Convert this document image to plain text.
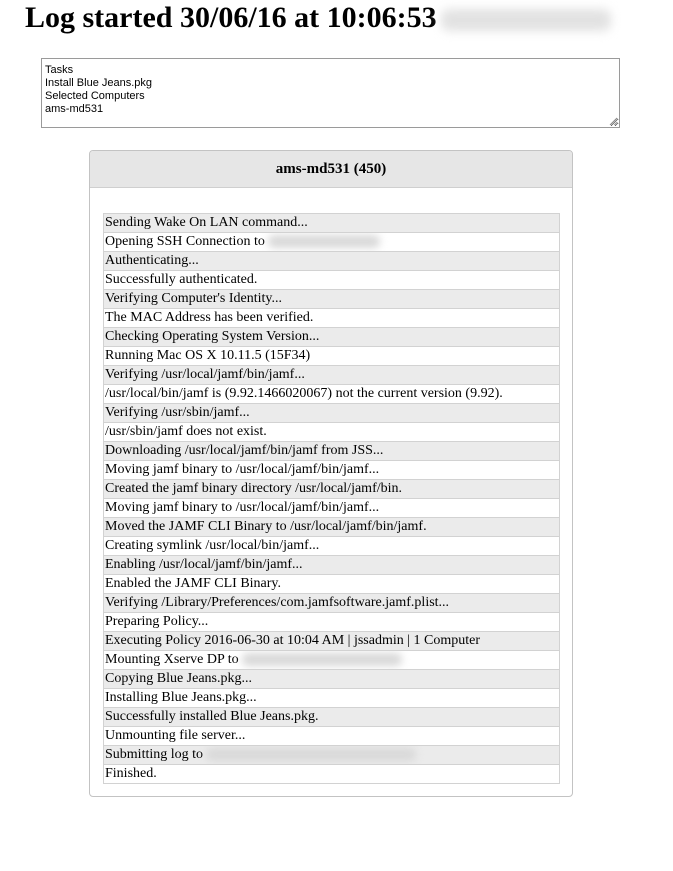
Log started 30/06/16 at 10:06:53
Tasks
Install Blue Jeans.pkg
Selected Computers
ams-md531
ams-md531 (450)
Sending Wake On LAN command...
Opening SSH Connection to
Authenticating...
Successfully authenticated.
Verifying Computer's Identity...
The MAC Address has been verified.
Checking Operating System Version...
Running Mac OS X 10.11.5 (15F34)
Verifying /usr/local/jamf/bin/jamf...
/usr/local/bin/jamf is (9.92.1466020067) not the current version (9.92).
Verifying /usr/sbin/jamf...
/usr/sbin/jamf does not exist.
Downloading /usr/local/jamf/bin/jamf from JSS...
Moving jamf binary to /usr/local/jamf/bin/jamf...
Created the jamf binary directory /usr/local/jamf/bin.
Moving jamf binary to /usr/local/jamf/bin/jamf...
Moved the JAMF CLI Binary to /usr/local/jamf/bin/jamf.
Creating symlink /usr/local/bin/jamf...
Enabling /usr/local/jamf/bin/jamf...
Enabled the JAMF CLI Binary.
Verifying /Library/Preferences/com.jamfsoftware.jamf.plist...
Preparing Policy...
Executing Policy 2016-06-30 at 10:04 AM | jssadmin | 1 Computer
Mounting Xserve DP to
Copying Blue Jeans.pkg...
Installing Blue Jeans.pkg...
Successfully installed Blue Jeans.pkg.
Unmounting file server...
Submitting log to
Finished.
